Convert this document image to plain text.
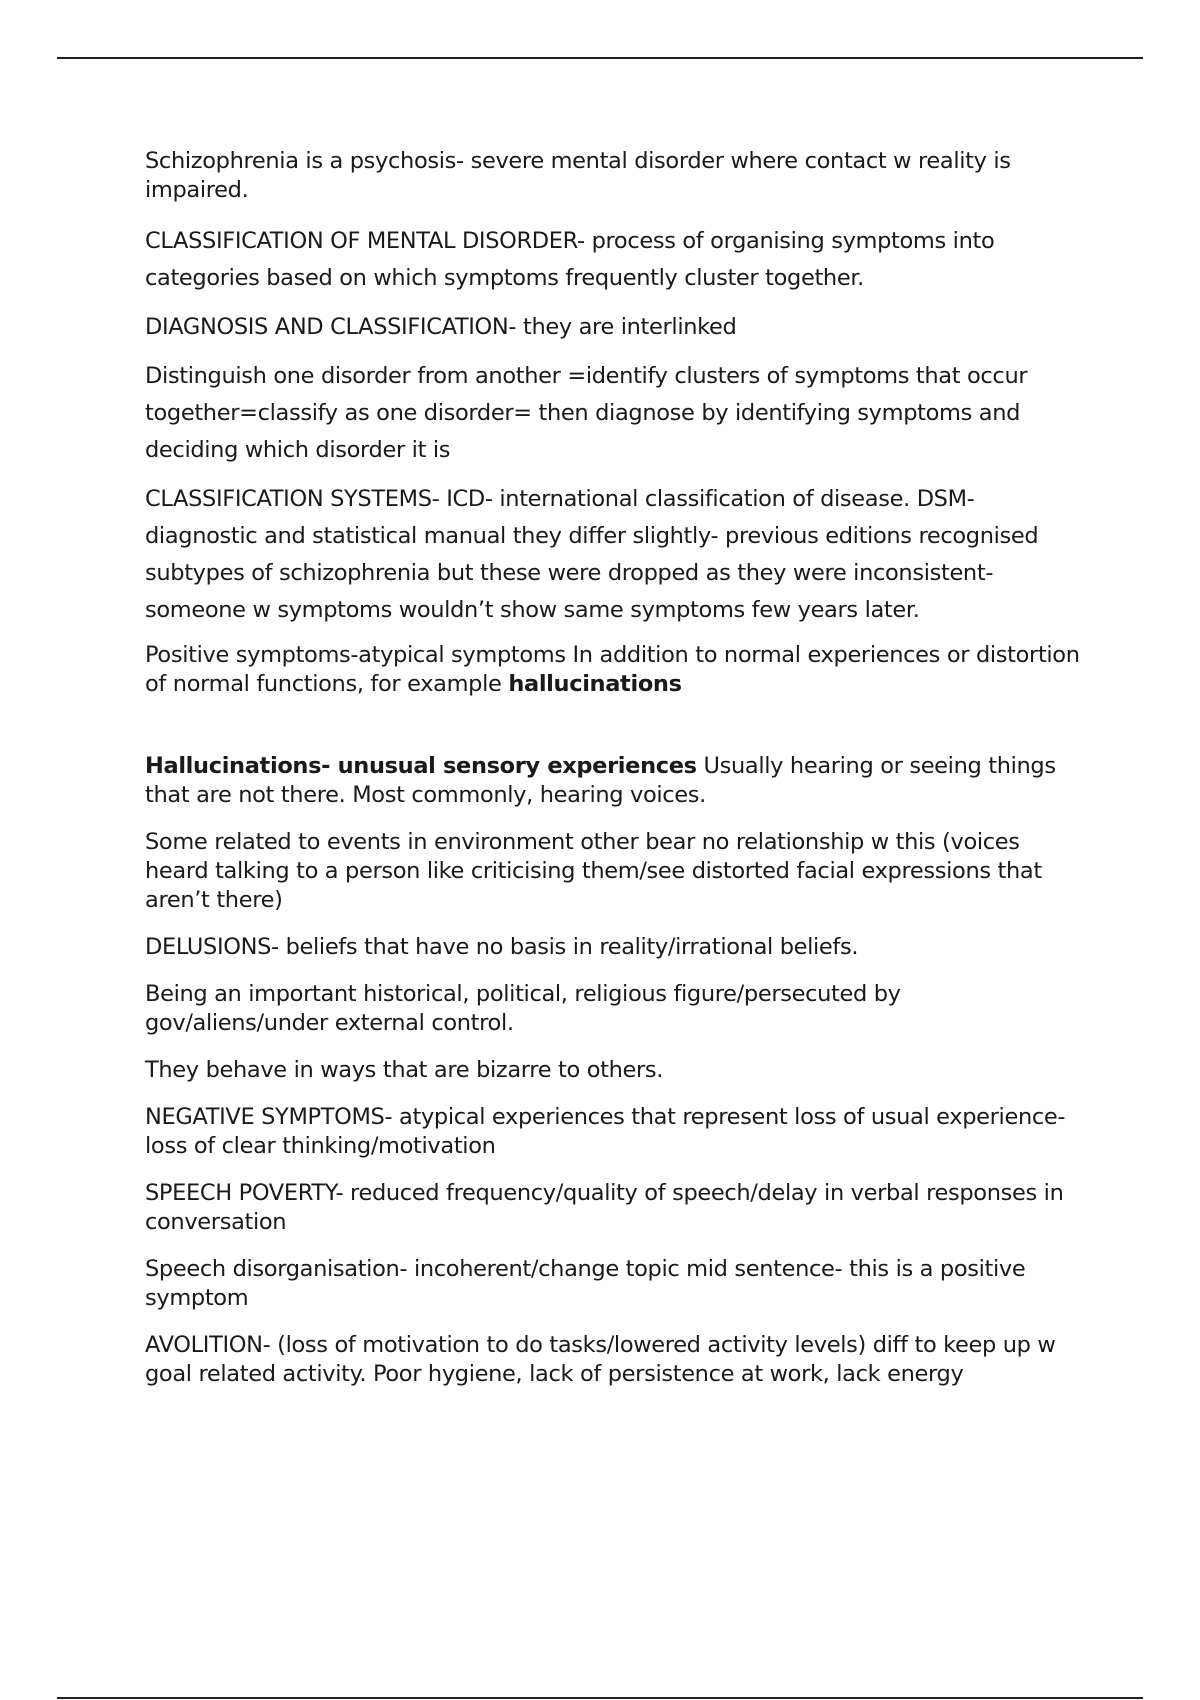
Schizophrenia is a psychosis- severe mental disorder where contact w reality is impaired.

CLASSIFICATION OF MENTAL DISORDER- process of organising symptoms into categories based on which symptoms frequently cluster together.

DIAGNOSIS AND CLASSIFICATION- they are interlinked

Distinguish one disorder from another =identify clusters of symptoms that occur together=classify as one disorder= then diagnose by identifying symptoms and deciding which disorder it is

CLASSIFICATION SYSTEMS- ICD- international classification of disease. DSM- diagnostic and statistical manual they differ slightly- previous editions recognised subtypes of schizophrenia but these were dropped as they were inconsistent- someone w symptoms wouldn’t show same symptoms few years later.

Positive symptoms-atypical symptoms In addition to normal experiences or distortion of normal functions, for example hallucinations

Hallucinations- unusual sensory experiences Usually hearing or seeing things that are not there. Most commonly, hearing voices.

Some related to events in environment other bear no relationship w this (voices heard talking to a person like criticising them/see distorted facial expressions that aren’t there)

DELUSIONS- beliefs that have no basis in reality/irrational beliefs.

Being an important historical, political, religious figure/persecuted by gov/aliens/under external control.

They behave in ways that are bizarre to others.

NEGATIVE SYMPTOMS- atypical experiences that represent loss of usual experience- loss of clear thinking/motivation

SPEECH POVERTY- reduced frequency/quality of speech/delay in verbal responses in conversation

Speech disorganisation- incoherent/change topic mid sentence- this is a positive symptom

AVOLITION- (loss of motivation to do tasks/lowered activity levels) diff to keep up w goal related activity. Poor hygiene, lack of persistence at work, lack energy
